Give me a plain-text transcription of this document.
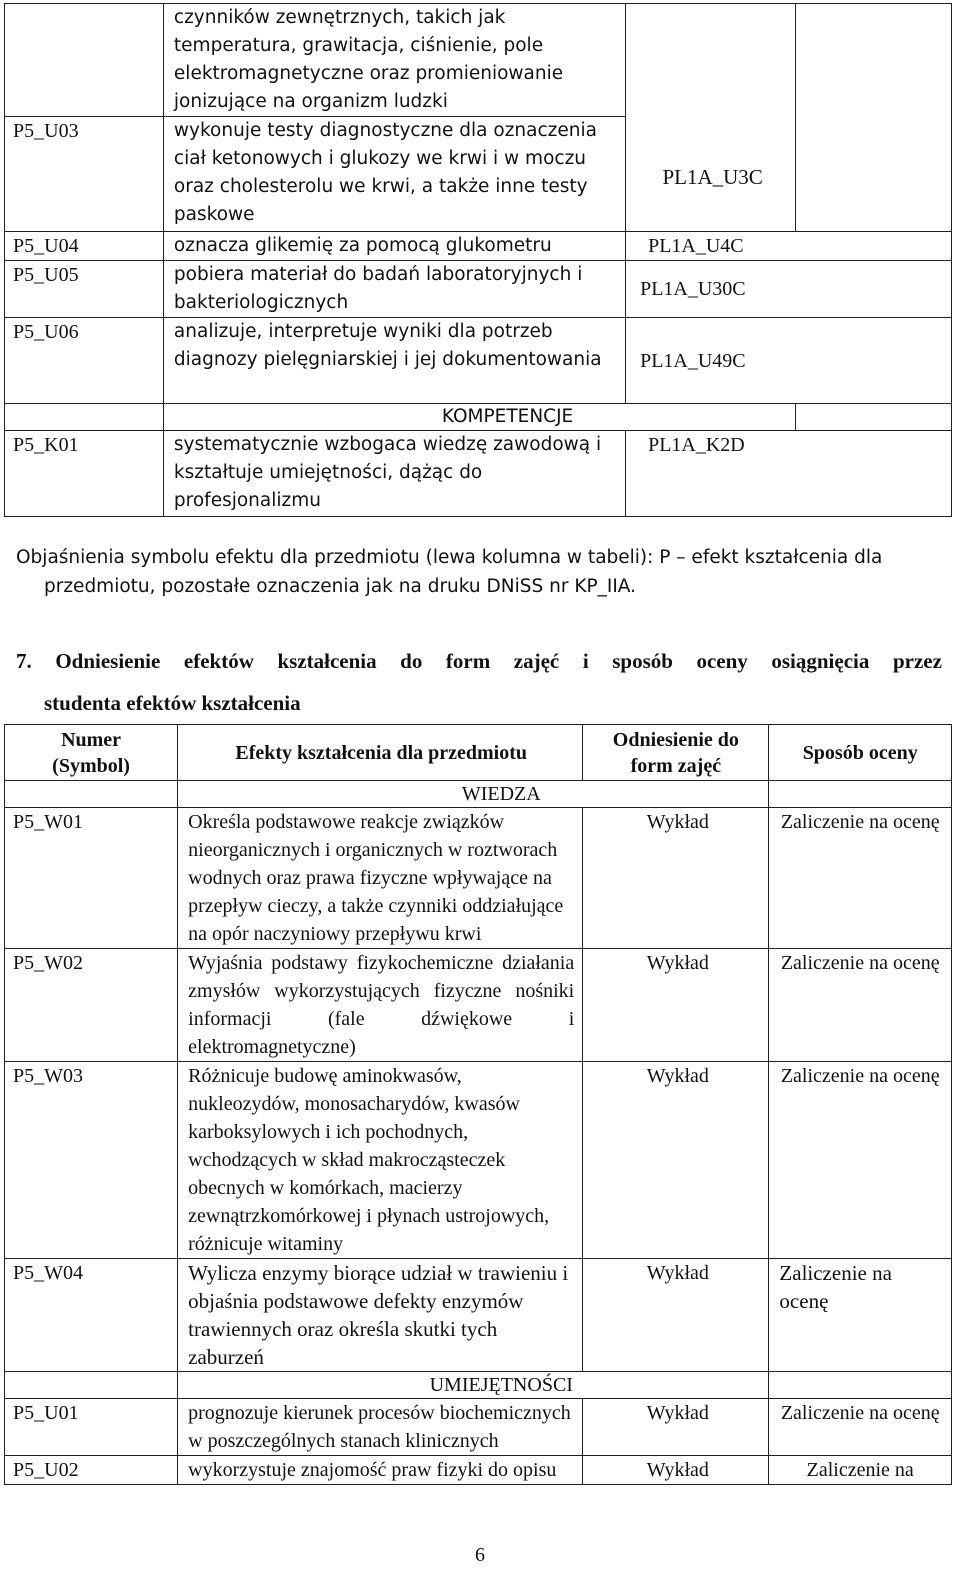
	czynników zewnętrznych, takich jak temperatura, grawitacja, ciśnienie, pole elektromagnetyczne oraz promieniowanie jonizujące na organizm ludzki	PL1A_U3C	
P5_U03	wykonuje testy diagnostyczne dla oznaczenia ciał ketonowych i glukozy we krwi i w moczu oraz cholesterolu we krwi, a także inne testy paskowe		
P5_U04	oznacza glikemię za pomocą glukometru	PL1A_U4C	
P5_U05	pobiera materiał do badań laboratoryjnych i bakteriologicznych	PL1A_U30C	
P5_U06	analizuje, interpretuje wyniki dla potrzeb diagnozy pielęgniarskiej i jej dokumentowania	PL1A_U49C	
	KOMPETENCJE		
P5_K01	systematycznie wzbogaca wiedzę zawodową i kształtuje umiejętności, dążąc do profesjonalizmu	PL1A_K2D	
Objaśnienia symbolu efektu dla przedmiotu (lewa kolumna w tabeli): P – efekt kształcenia dla
przedmiotu, pozostałe oznaczenia jak na druku DNiSS nr KP_IIA.
7. Odniesienie efektów kształcenia do form zajęć i sposób oceny osiągnięcia przez
studenta efektów kształcenia
Numer (Symbol)	Efekty kształcenia dla przedmiotu	Odniesienie do form zajęć	Sposób oceny
	WIEDZA		
P5_W01	Określa podstawowe reakcje związków nieorganicznych i organicznych w roztworach wodnych oraz prawa fizyczne wpływające na przepływ cieczy, a także czynniki oddziałujące na opór naczyniowy przepływu krwi	Wykład	Zaliczenie na ocenę
P5_W02	Wyjaśnia podstawy fizykochemiczne działania zmysłów wykorzystujących fizyczne nośniki informacji (fale dźwiękowe i elektromagnetyczne)	Wykład	Zaliczenie na ocenę
P5_W03	Różnicuje budowę aminokwasów, nukleozydów, monosacharydów, kwasów karboksylowych i ich pochodnych, wchodzących w skład makrocząsteczek obecnych w komórkach, macierzy zewnątrzkomórkowej i płynach ustrojowych, różnicuje witaminy	Wykład	Zaliczenie na ocenę
P5_W04	Wylicza enzymy biorące udział w trawieniu i objaśnia podstawowe defekty enzymów trawiennych oraz określa skutki tych zaburzeń	Wykład	Zaliczenie na ocenę
	UMIEJĘTNOŚCI		
P5_U01	prognozuje kierunek procesów biochemicznych w poszczególnych stanach klinicznych	Wykład	Zaliczenie na ocenę
P5_U02	wykorzystuje znajomość praw fizyki do opisu	Wykład	Zaliczenie na
6
